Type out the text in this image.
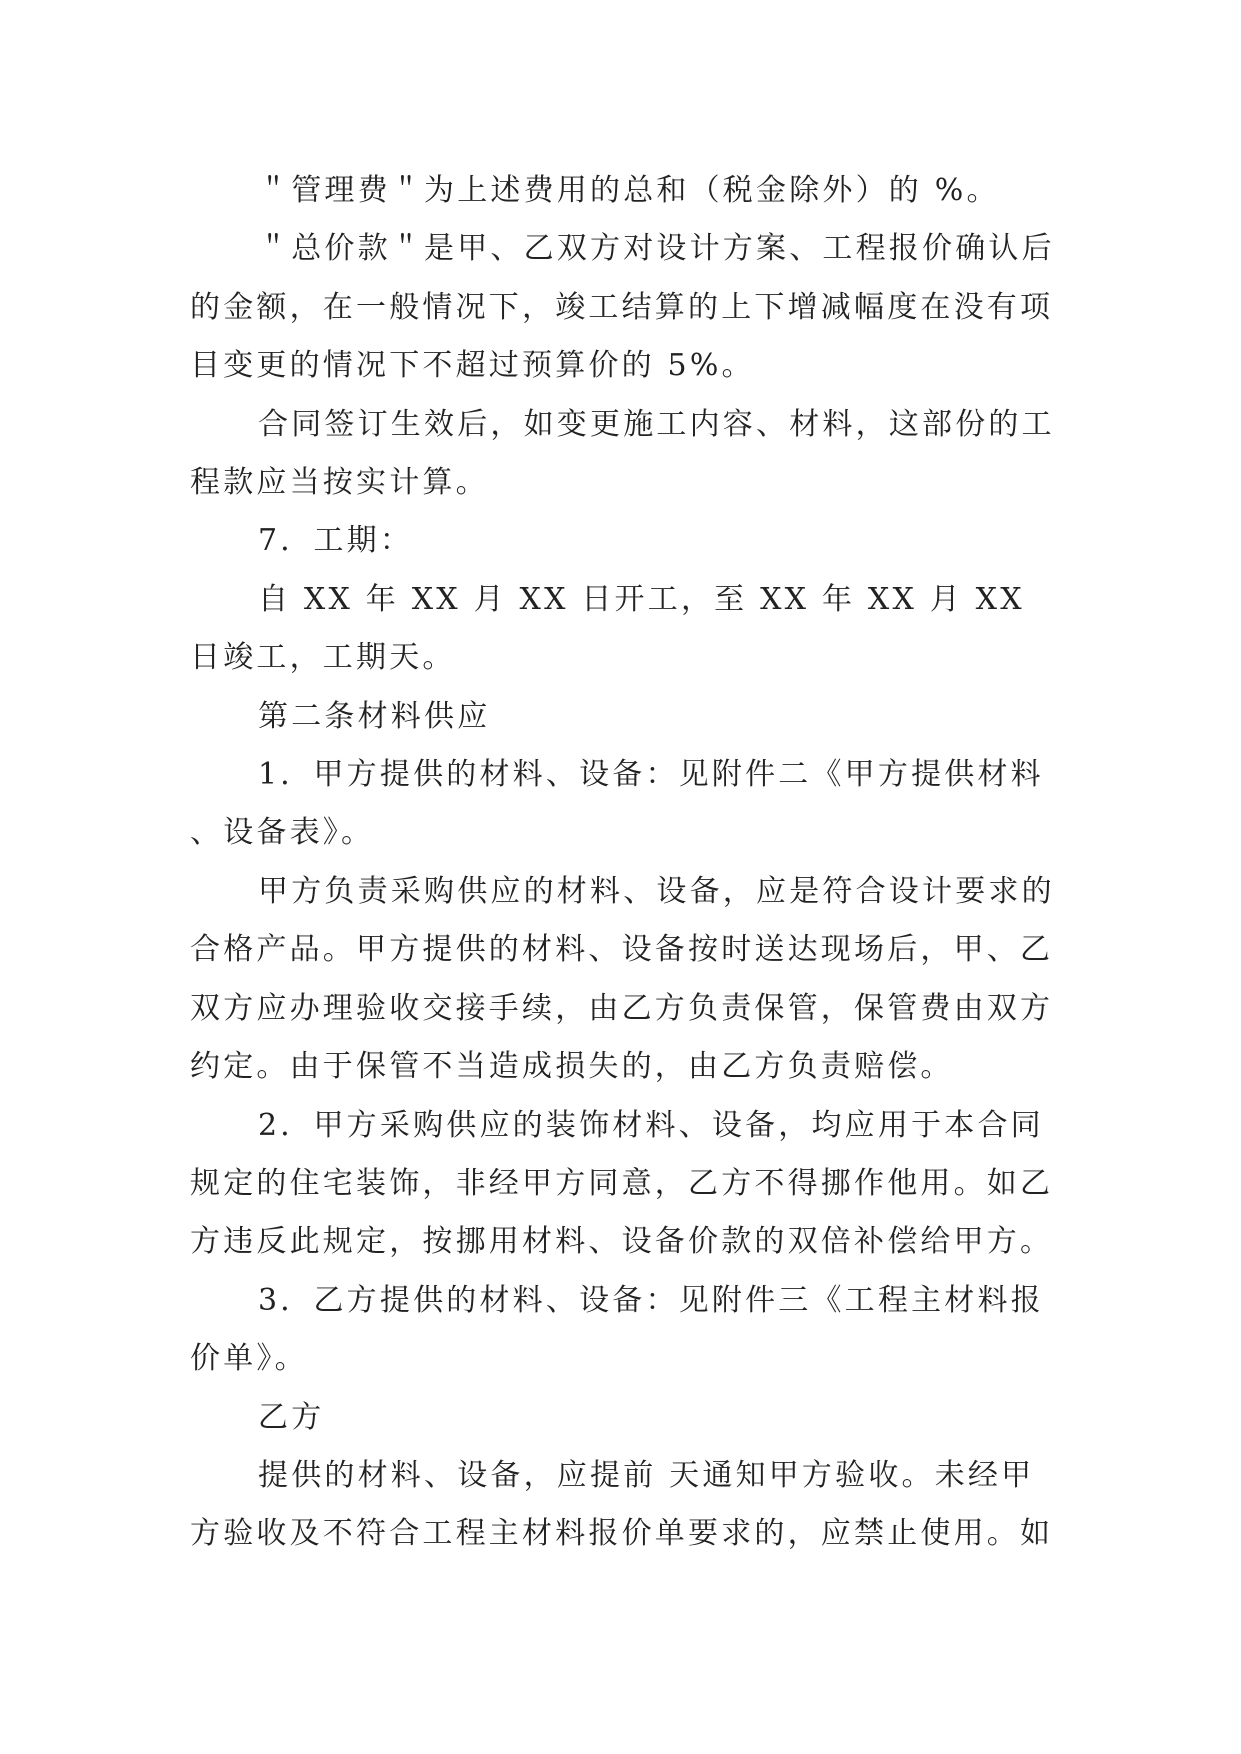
＂管理费＂为上述费用的总和（税金除外）的 %。

＂总价款＂是甲、乙双方对设计方案、工程报价确认后的金额，在一般情况下，竣工结算的上下增减幅度在没有项目变更的情况下不超过预算价的 5%。

合同签订生效后，如变更施工内容、材料，这部份的工程款应当按实计算。

7．工期：

自 XX 年 XX 月 XX 日开工，至 XX 年 XX 月 XX 日竣工，工期天。

第二条材料供应

1．甲方提供的材料、设备：见附件二《甲方提供材料、设备表》。

甲方负责采购供应的材料、设备，应是符合设计要求的合格产品。甲方提供的材料、设备按时送达现场后，甲、乙双方应办理验收交接手续，由乙方负责保管，保管费由双方约定。由于保管不当造成损失的，由乙方负责赔偿。

2．甲方采购供应的装饰材料、设备，均应用于本合同规定的住宅装饰，非经甲方同意，乙方不得挪作他用。如乙方违反此规定，按挪用材料、设备价款的双倍补偿给甲方。

3．乙方提供的材料、设备：见附件三《工程主材料报价单》。

乙方

提供的材料、设备，应提前 天通知甲方验收。未经甲方验收及不符合工程主材料报价单要求的，应禁止使用。如
